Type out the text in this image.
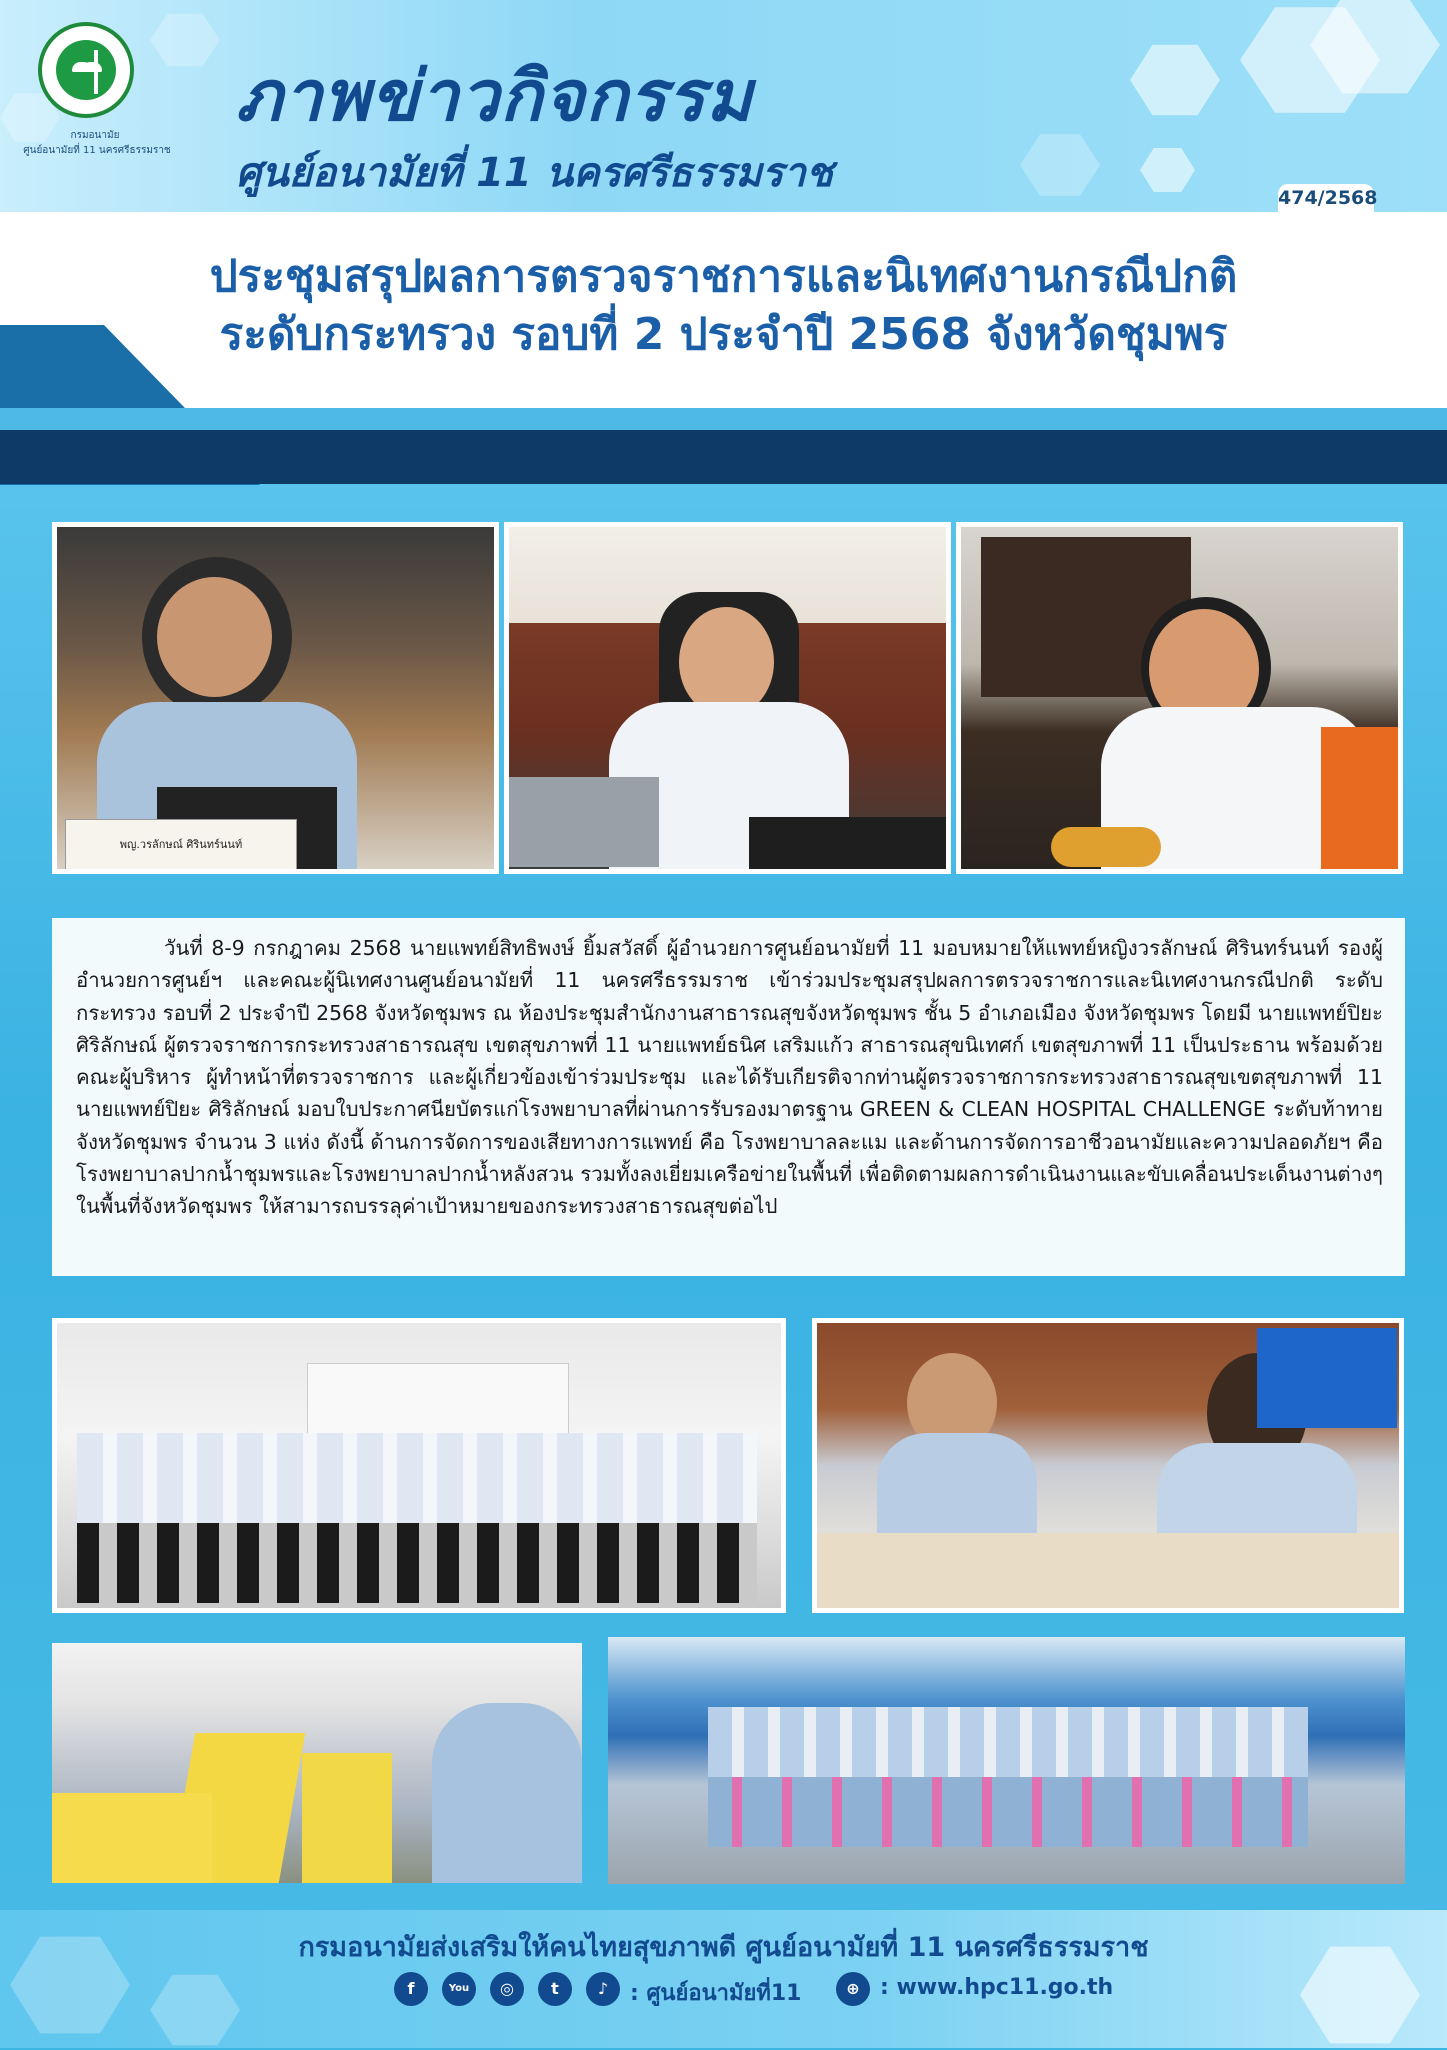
กรมอนามัย
ศูนย์อนามัยที่ 11 นครศรีธรรมราช
ภาพข่าวกิจกรรม
ศูนย์อนามัยที่ 11 นครศรีธรรมราช
474/2568
ประชุมสรุปผลการตรวจราชการและนิเทศงานกรณีปกติ
ระดับกระทรวง รอบที่ 2 ประจำปี 2568 จังหวัดชุมพร
พญ.วรลักษณ์ ศิรินทร์นนท์

วันที่ 8-9 กรกฎาคม 2568 นายแพทย์สิทธิพงษ์ ยิ้มสวัสดิ์ ผู้อำนวยการศูนย์อนามัยที่ 11 มอบหมายให้แพทย์หญิงวรลักษณ์ ศิรินทร์นนท์ รองผู้อำนวยการศูนย์ฯ และคณะผู้นิเทศงานศูนย์อนามัยที่ 11 นครศรีธรรมราช เข้าร่วมประชุมสรุปผลการตรวจราชการและนิเทศงานกรณีปกติ ระดับกระทรวง รอบที่ 2 ประจำปี 2568 จังหวัดชุมพร ณ ห้องประชุมสำนักงานสาธารณสุขจังหวัดชุมพร ชั้น 5 อำเภอเมือง จังหวัดชุมพร โดยมี นายแพทย์ปิยะ ศิริลักษณ์ ผู้ตรวจราชการกระทรวงสาธารณสุข เขตสุขภาพที่ 11 นายแพทย์ธนิศ เสริมแก้ว สาธารณสุขนิเทศก์ เขตสุขภาพที่ 11 เป็นประธาน พร้อมด้วย คณะผู้บริหาร ผู้ทำหน้าที่ตรวจราชการ และผู้เกี่ยวข้องเข้าร่วมประชุม และได้รับเกียรติจากท่านผู้ตรวจราชการกระทรวงสาธารณสุขเขตสุขภาพที่ 11 นายแพทย์ปิยะ ศิริลักษณ์ มอบใบประกาศนียบัตรแก่โรงพยาบาลที่ผ่านการรับรองมาตรฐาน GREEN & CLEAN HOSPITAL CHALLENGE ระดับท้าทาย จังหวัดชุมพร จำนวน 3 แห่ง ดังนี้ ด้านการจัดการของเสียทางการแพทย์ คือ โรงพยาบาลละแม และด้านการจัดการอาชีวอนามัยและความปลอดภัยฯ คือ โรงพยาบาลปากน้ำชุมพรและโรงพยาบาลปากน้ำหลังสวน รวมทั้งลงเยี่ยมเครือข่ายในพื้นที่ เพื่อติดตามผลการดำเนินงานและขับเคลื่อนประเด็นงานต่างๆในพื้นที่จังหวัดชุมพร ให้สามารถบรรลุค่าเป้าหมายของกระทรวงสาธารณสุขต่อไป

กรมอนามัยส่งเสริมให้คนไทยสุขภาพดี ศูนย์อนามัยที่ 11 นครศรีธรรมราช
f	You	◎	t	♪ : ศูนย์อนามัยที่11	⊕ : www.hpc11.go.th
